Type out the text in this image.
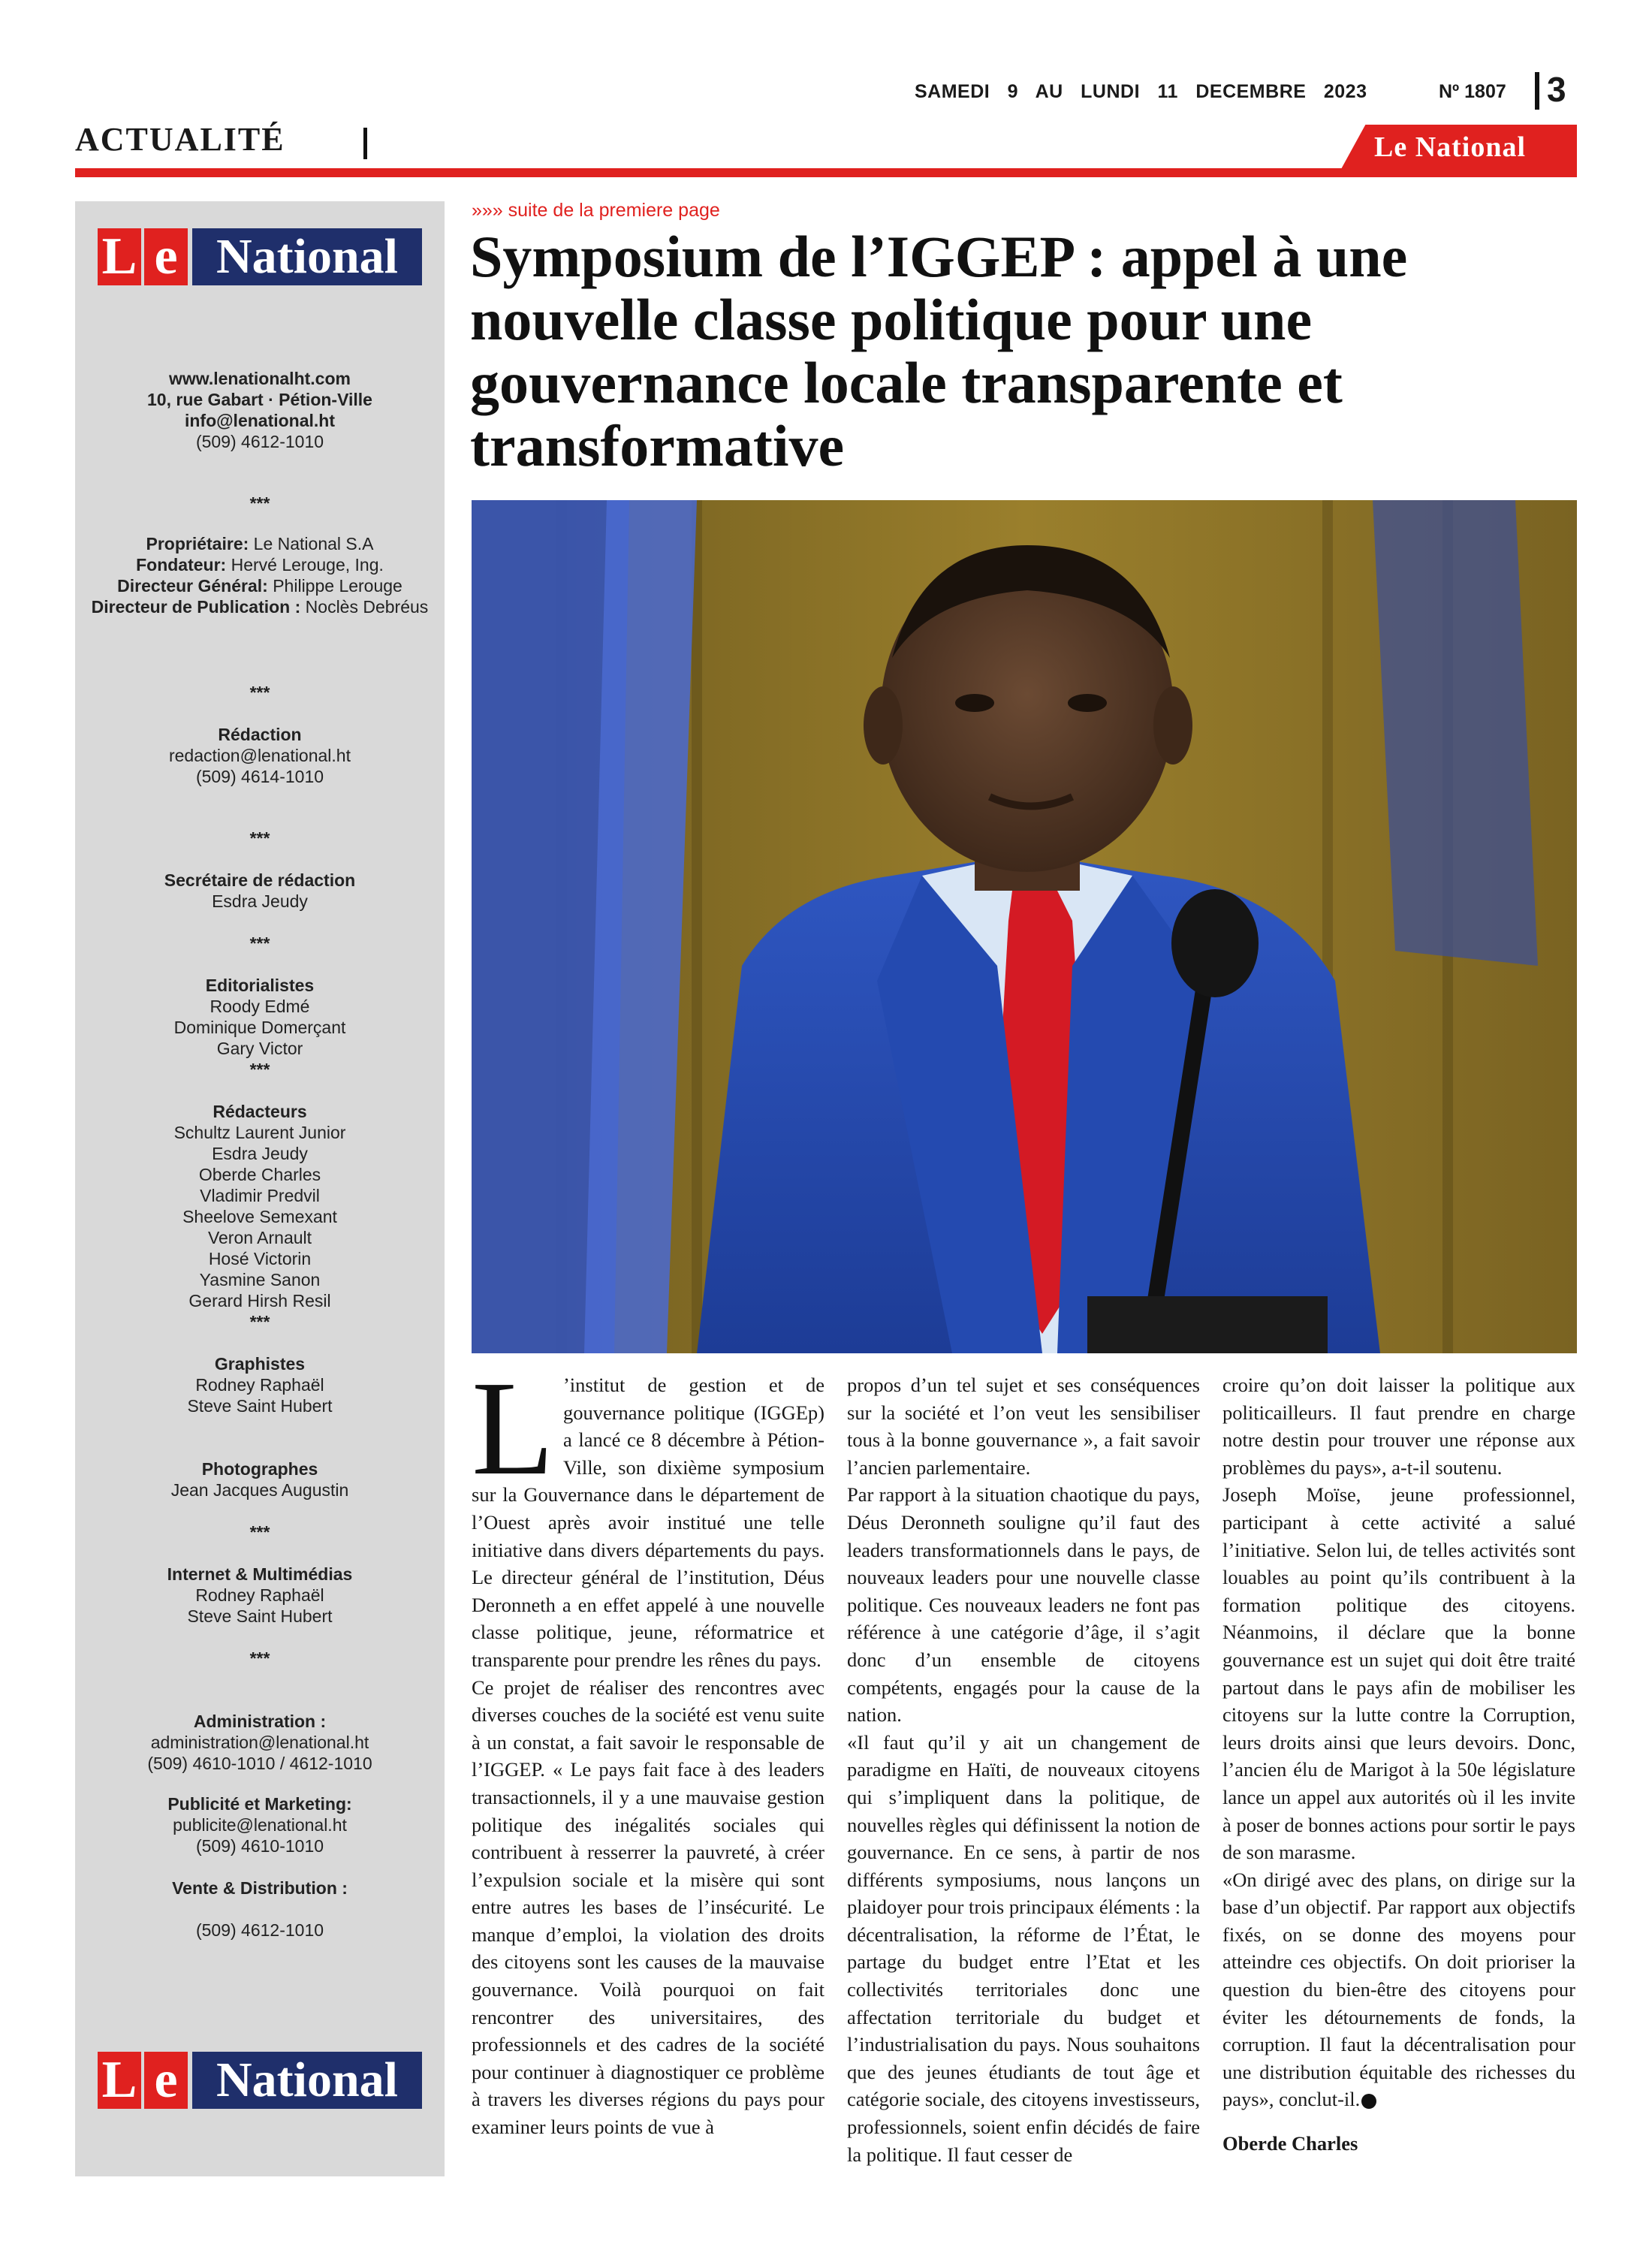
SAMEDI 9 AU LUNDI 11 DECEMBRE 2023	Nº 1807	3
ACTUALITÉ	Le National
L e National
www.lenationalht.com
10, rue Gabart · Pétion-Ville
info@lenational.ht
(509) 4612-1010
***
Propriétaire: Le National S.A
Fondateur: Hervé Lerouge, Ing.
Directeur Général: Philippe Lerouge
Directeur de Publication : Noclès Debréus
***
Rédaction
redaction@lenational.ht
(509) 4614-1010
***
Secrétaire de rédaction
Esdra Jeudy
***
Editorialistes
Roody Edmé
Dominique Domerçant
Gary Victor
***
Rédacteurs
Schultz Laurent Junior
Esdra Jeudy
Oberde Charles
Vladimir Predvil
Sheelove Semexant
Veron Arnault
Hosé Victorin
Yasmine Sanon
Gerard Hirsh Resil
***
Graphistes
Rodney Raphaël
Steve Saint Hubert
Photographes
Jean Jacques Augustin
***
Internet & Multimédias
Rodney Raphaël
Steve Saint Hubert
***
Administration :
administration@lenational.ht
(509) 4610-1010 / 4612-1010
Publicité et Marketing:
publicite@lenational.ht
(509) 4610-1010
Vente & Distribution :
(509) 4612-1010
L e National
»»» suite de la premiere page
Symposium de l’IGGEP : appel à une nouvelle classe politique pour une gouvernance locale transparente et transformative
L ’institut de gestion et de gouvernance politique (IGGEp) a lancé ce 8 décembre à Pétion-Ville, son dixième symposium sur la Gouvernance dans le département de l’Ouest après avoir institué une telle initiative dans divers départements du pays. Le directeur général de l’institution, Déus Deronneth a en effet appelé à une nouvelle classe politique, jeune, réformatrice et transparente pour prendre les rênes du pays.

Ce projet de réaliser des rencontres avec diverses couches de la société est venu suite à un constat, a fait savoir le responsable de l’IGGEP. « Le pays fait face à des leaders transactionnels, il y a une mauvaise gestion politique des inégalités sociales qui contribuent à resserrer la pauvreté, à créer l’expulsion sociale et la misère qui sont entre autres les bases de l’insécurité. Le manque d’emploi, la violation des droits des citoyens sont les causes de la mauvaise gouvernance. Voilà pourquoi on fait rencontrer des universitaires, des professionnels et des cadres de la société pour continuer à diagnostiquer ce problème à travers les diverses régions du pays pour examiner leurs points de vue à

propos d’un tel sujet et ses conséquences sur la société et l’on veut les sensibiliser tous à la bonne gouvernance », a fait savoir l’ancien parlementaire.

Par rapport à la situation chaotique du pays, Déus Deronneth souligne qu’il faut des leaders transformationnels dans le pays, de nouveaux leaders pour une nouvelle classe politique. Ces nouveaux leaders ne font pas référence à une catégorie d’âge, il s’agit donc d’un ensemble de citoyens compétents, engagés pour la cause de la nation.

«Il faut qu’il y ait un changement de paradigme en Haïti, de nouveaux citoyens qui s’impliquent dans la politique, de nouvelles règles qui définissent la notion de gouvernance. En ce sens, à partir de nos différents symposiums, nous lançons un plaidoyer pour trois principaux éléments : la décentralisation, la réforme de l’État, le partage du budget entre l’Etat et les collectivités territoriales donc une affectation territoriale du budget et l’industrialisation du pays. Nous souhaitons que des jeunes étudiants de tout âge et catégorie sociale, des citoyens investisseurs, professionnels, soient enfin décidés de faire la politique. Il faut cesser de

croire qu’on doit laisser la politique aux politicailleurs. Il faut prendre en charge notre destin pour trouver une réponse aux problèmes du pays», a-t-il soutenu.

Joseph Moïse, jeune professionnel, participant à cette activité a salué l’initiative. Selon lui, de telles activités sont louables au point qu’ils contribuent à la formation politique des citoyens. Néanmoins, il déclare que la bonne gouvernance est un sujet qui doit être traité partout dans le pays afin de mobiliser les citoyens sur la lutte contre la Corruption, leurs droits ainsi que leurs devoirs. Donc, l’ancien élu de Marigot à la 50e législature lance un appel aux autorités où il les invite à poser de bonnes actions pour sortir le pays de son marasme.

«On dirigé avec des plans, on dirige sur la base d’un objectif. Par rapport aux objectifs fixés, on se donne des moyens pour atteindre ces objectifs. On doit prioriser la question du bien-être des citoyens pour éviter les détournements de fonds, la corruption. Il faut la décentralisation pour une distribution équitable des richesses du pays», conclut-il.

Oberde Charles
